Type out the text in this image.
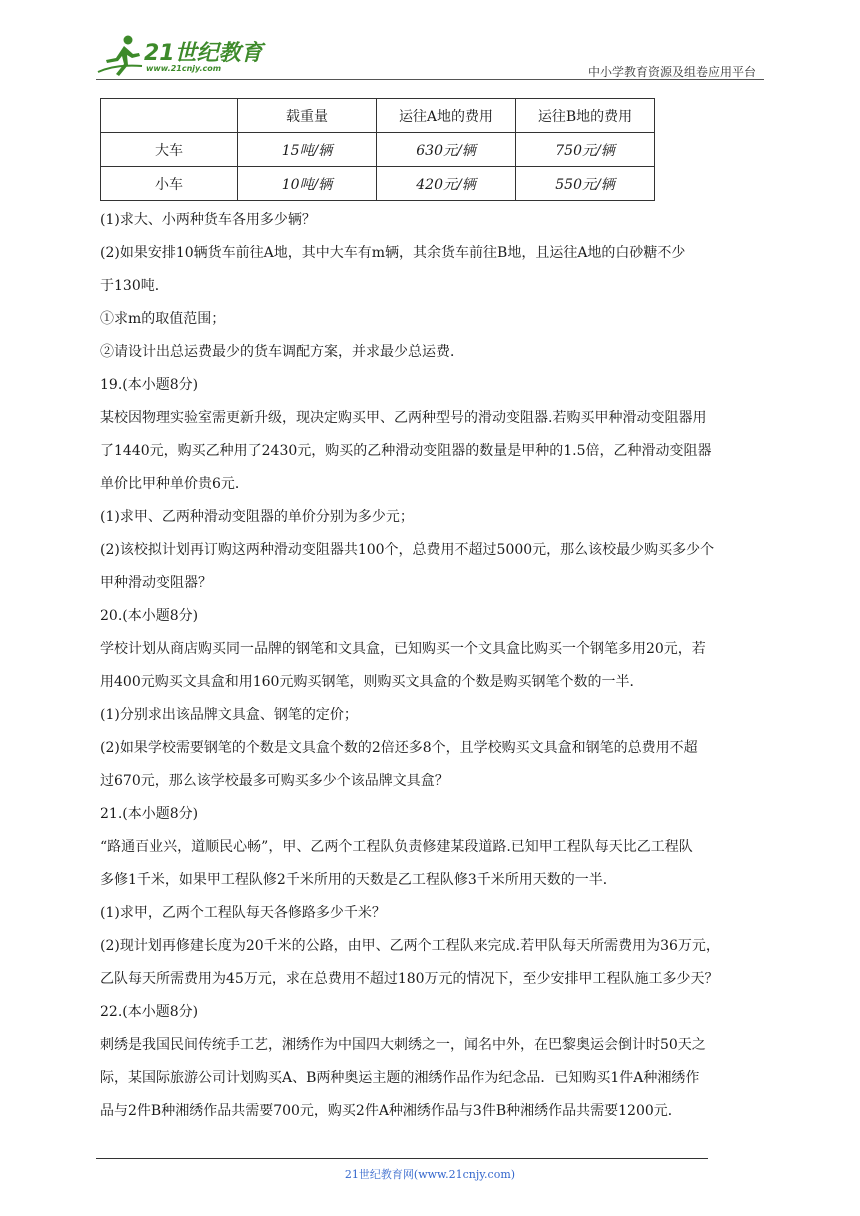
21世纪教育
www.21cnjy.com	中小学教育资源及组卷应用平台
	载重量	运往A地的费用	运往B地的费用
大车	15吨/辆	630元/辆	750元/辆
小车	10吨/辆	420元/辆	550元/辆
(1)求大、小两种货车各用多少辆？
(2)如果安排10辆货车前往A地，其中大车有m辆，其余货车前往B地，且运往A地的白砂糖不少
于130吨．
①求m的取值范围；
②请设计出总运费最少的货车调配方案，并求最少总运费．
19.(本小题8分)
某校因物理实验室需更新升级，现决定购买甲、乙两种型号的滑动变阻器.若购买甲种滑动变阻器用
了1440元，购买乙种用了2430元，购买的乙种滑动变阻器的数量是甲种的1.5倍，乙种滑动变阻器
单价比甲种单价贵6元．
(1)求甲、乙两种滑动变阻器的单价分别为多少元；
(2)该校拟计划再订购这两种滑动变阻器共100个，总费用不超过5000元，那么该校最少购买多少个
甲种滑动变阻器？
20.(本小题8分)
学校计划从商店购买同一品牌的钢笔和文具盒，已知购买一个文具盒比购买一个钢笔多用20元，若
用400元购买文具盒和用160元购买钢笔，则购买文具盒的个数是购买钢笔个数的一半．
(1)分别求出该品牌文具盒、钢笔的定价；
(2)如果学校需要钢笔的个数是文具盒个数的2倍还多8个，且学校购买文具盒和钢笔的总费用不超
过670元，那么该学校最多可购买多少个该品牌文具盒？
21.(本小题8分)
“路通百业兴，道顺民心畅”，甲、乙两个工程队负责修建某段道路.已知甲工程队每天比乙工程队
多修1千米，如果甲工程队修2千米所用的天数是乙工程队修3千米所用天数的一半．
(1)求甲，乙两个工程队每天各修路多少千米？
(2)现计划再修建长度为20千米的公路，由甲、乙两个工程队来完成.若甲队每天所需费用为36万元，
乙队每天所需费用为45万元，求在总费用不超过180万元的情况下，至少安排甲工程队施工多少天？
22.(本小题8分)
刺绣是我国民间传统手工艺，湘绣作为中国四大刺绣之一，闻名中外，在巴黎奥运会倒计时50天之
际，某国际旅游公司计划购买A、B两种奥运主题的湘绣作品作为纪念品．已知购买1件A种湘绣作
品与2件B种湘绣作品共需要700元，购买2件A种湘绣作品与3件B种湘绣作品共需要1200元．
21世纪教育网(www.21cnjy.com)
